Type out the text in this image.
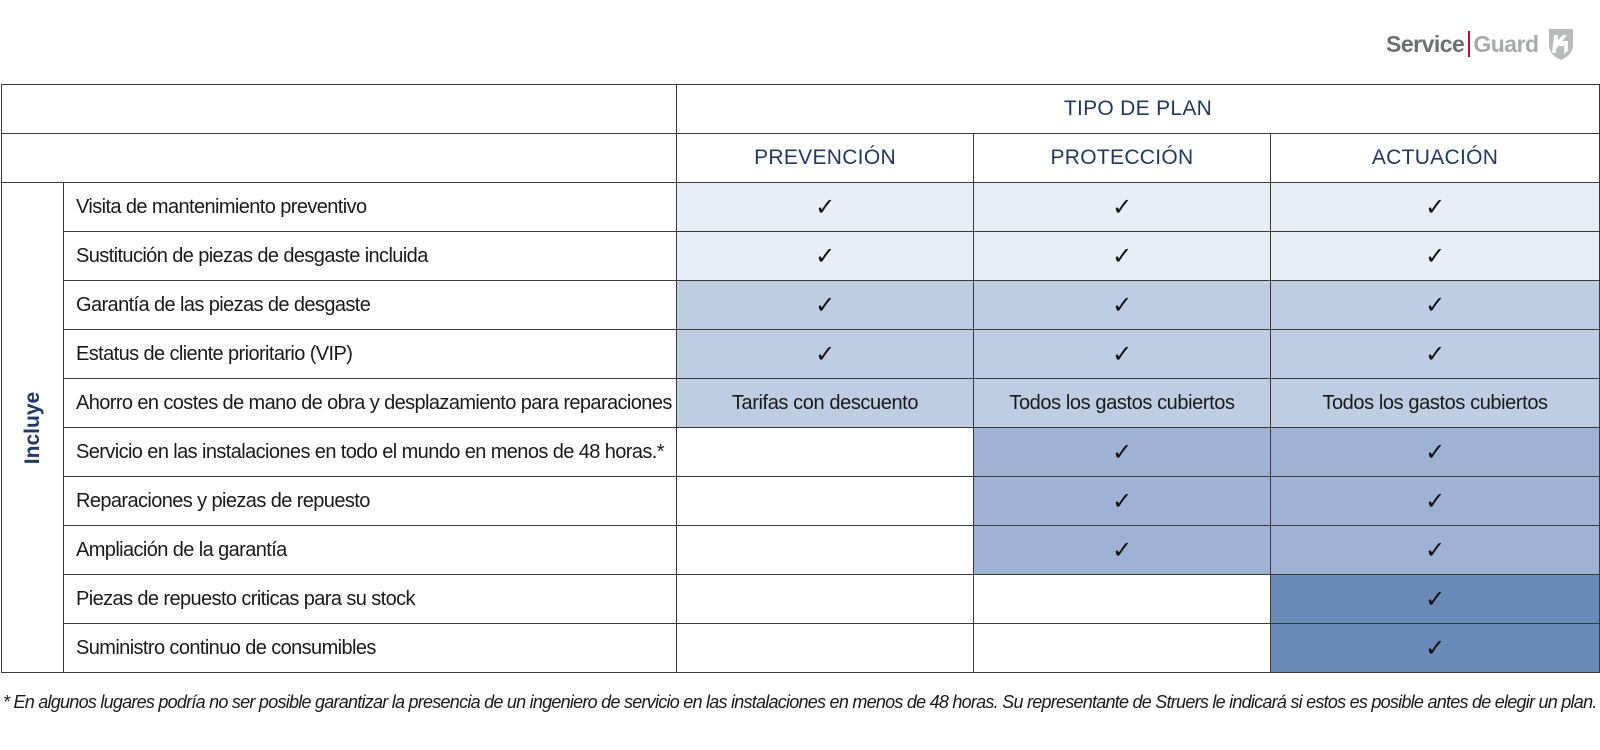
Service Guard
		TIPO DE PLAN		
		PREVENCIÓN	PROTECCIÓN	ACTUACIÓN

Incluye	Visita de mantenimiento preventivo	✓	✓	✓
	Sustitución de piezas de desgaste incluida	✓	✓	✓
	Garantía de las piezas de desgaste	✓	✓	✓
	Estatus de cliente prioritario (VIP)	✓	✓	✓
	Ahorro en costes de mano de obra y desplazamiento para reparaciones	Tarifas con descuento	Todos los gastos cubiertos	Todos los gastos cubiertos
	Servicio en las instalaciones en todo el mundo en menos de 48 horas.*		✓	✓
	Reparaciones y piezas de repuesto		✓	✓
	Ampliación de la garantía		✓	✓
	Piezas de repuesto criticas para su stock			✓
	Suministro continuo de consumibles			✓
* En algunos lugares podría no ser posible garantizar la presencia de un ingeniero de servicio en las instalaciones en menos de 48 horas. Su representante de Struers le indicará si estos es posible antes de elegir un plan.
